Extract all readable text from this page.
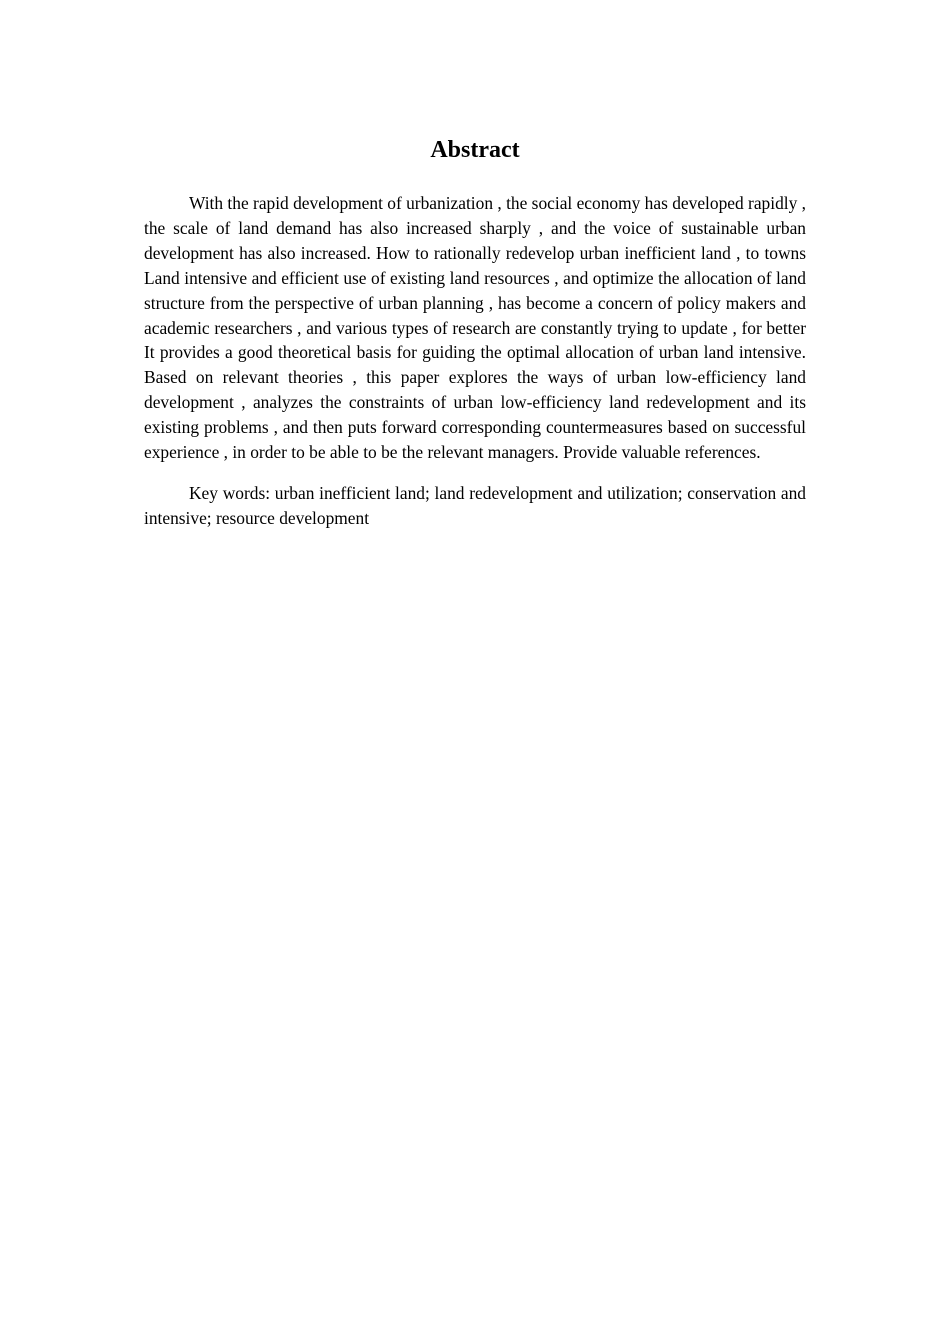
Abstract

With the rapid development of urbanization , the social economy has developed rapidly , the scale of land demand has also increased sharply , and the voice of sustainable urban development has also increased. How to rationally redevelop urban inefficient land , to towns Land intensive and efficient use of existing land resources , and optimize the allocation of land structure from the perspective of urban planning , has become a concern of policy makers and academic researchers , and various types of research are constantly trying to update , for better It provides a good theoretical basis for guiding the optimal allocation of urban land intensive. Based on relevant theories , this paper explores the ways of urban low-efficiency land development , analyzes the constraints of urban low-efficiency land redevelopment and its existing problems , and then puts forward corresponding countermeasures based on successful experience , in order to be able to be the relevant managers. Provide valuable references.

Key words: urban inefficient land; land redevelopment and utilization; conservation and intensive; resource development
